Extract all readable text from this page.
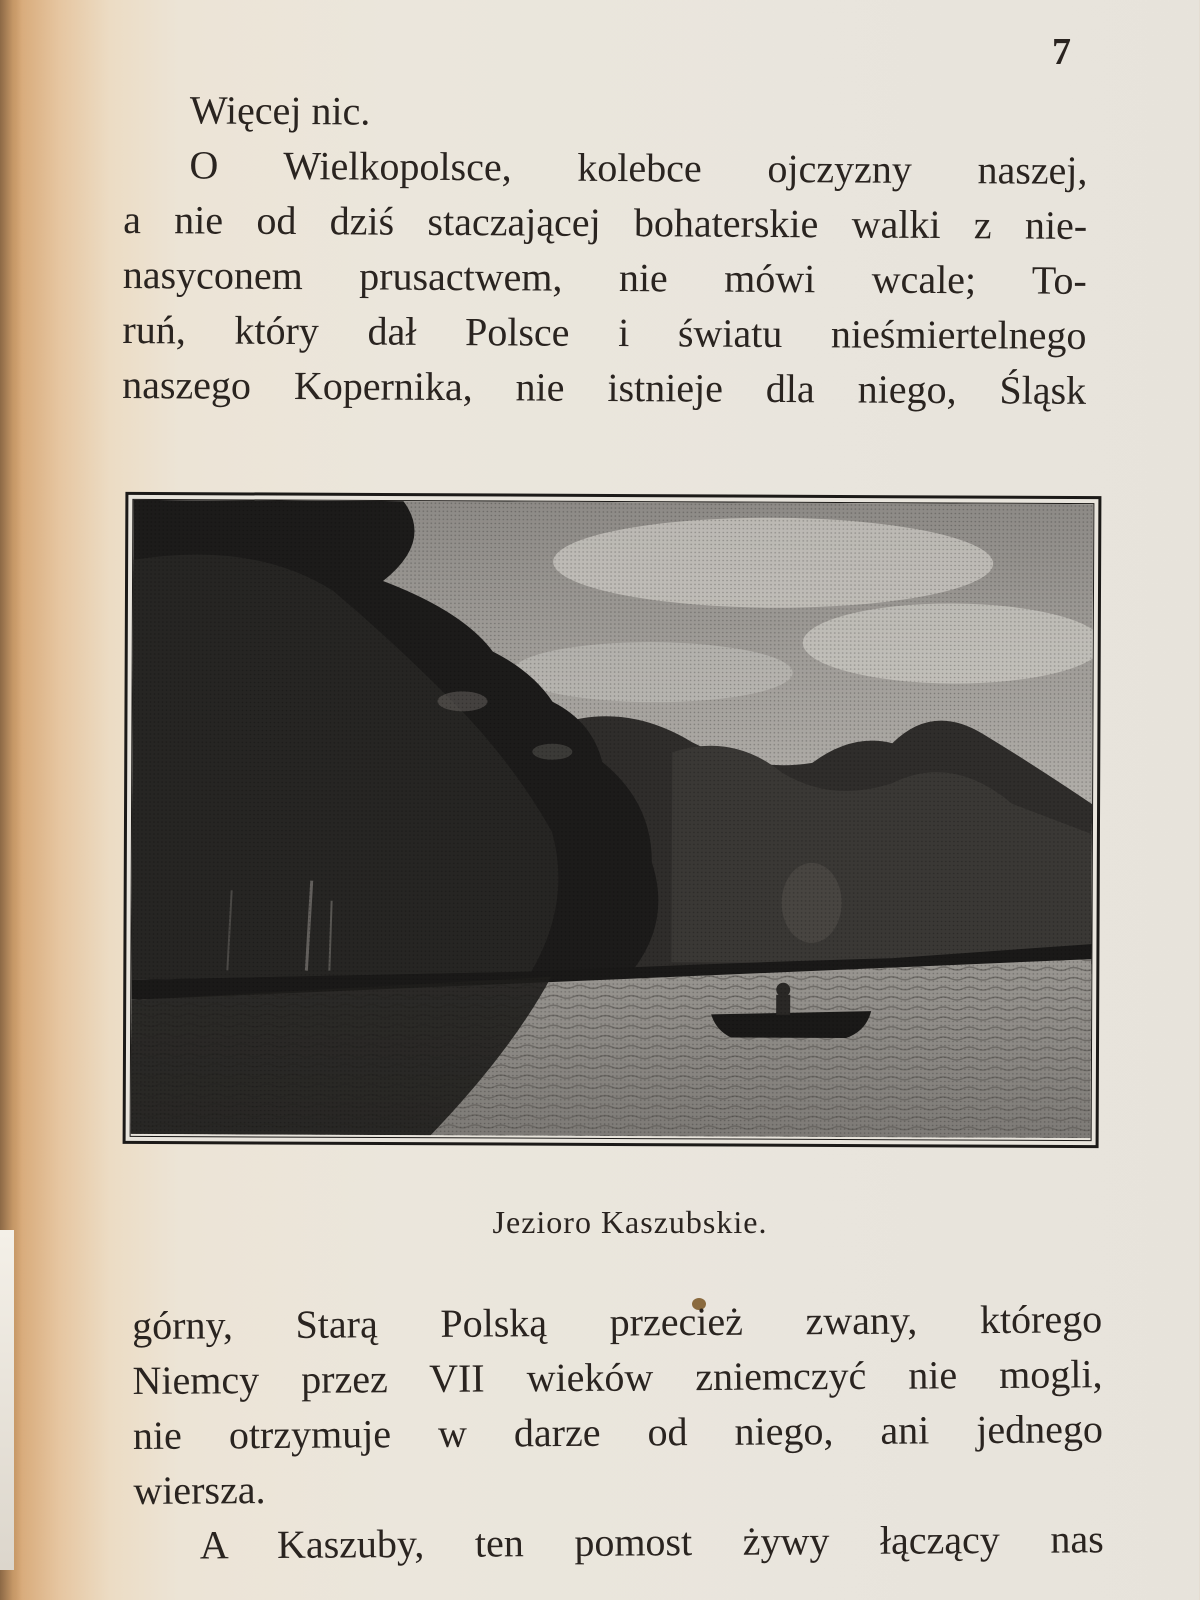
7

Więcej nic.

O Wielkopolsce, kolebce ojczyzny naszej,

a nie od dziś staczającej bohaterskie walki z nie-

nasyconem prusactwem, nie mówi wcale; To-

ruń, który dał Polsce i światu nieśmiertelnego

naszego Kopernika, nie istnieje dla niego, Śląsk

Jezioro Kaszubskie.

górny, Starą Polską przecież zwany, którego

Niemcy przez VII wieków zniemczyć nie mogli,

nie otrzymuje w darze od niego, ani jednego

wiersza.

A Kaszuby, ten pomost żywy łączący nas
